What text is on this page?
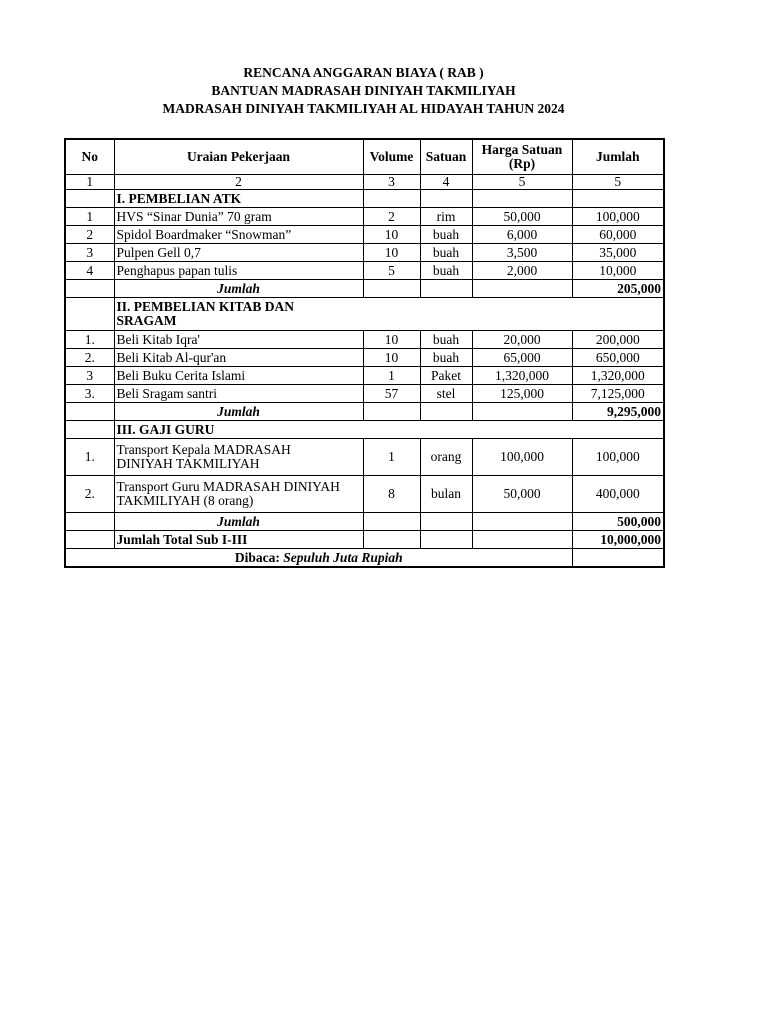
RENCANA ANGGARAN BIAYA ( RAB )
BANTUAN MADRASAH DINIYAH TAKMILIYAH
MADRASAH DINIYAH TAKMILIYAH AL HIDAYAH TAHUN 2024
No	Uraian Pekerjaan	Volume	Satuan	Harga Satuan (Rp)	Jumlah
1	2	3	4	5	5
	I. PEMBELIAN ATK				
1	HVS “Sinar Dunia” 70 gram	2	rim	50,000	100,000
2	Spidol Boardmaker “Snowman”	10	buah	6,000	60,000
3	Pulpen Gell 0,7	10	buah	3,500	35,000
4	Penghapus papan tulis	5	buah	2,000	10,000
	Jumlah				205,000

	II. PEMBELIAN KITAB DAN SRAGAM				

1.	Beli Kitab Iqra'	10	buah	20,000	200,000
2.	Beli Kitab Al-qur'an	10	buah	65,000	650,000
3	Beli Buku Cerita Islami	1	Paket	1,320,000	1,320,000
3.	Beli Sragam santri	57	stel	125,000	7,125,000
	Jumlah				9,295,000
	III. GAJI GURU				
1.	Transport Kepala MADRASAH DINIYAH TAKMILIYAH	1	orang	100,000	100,000
2.	Transport Guru MADRASAH DINIYAH TAKMILIYAH (8 orang)	8	bulan	50,000	400,000
	Jumlah				500,000
	Jumlah Total Sub I-III				10,000,000
Dibaca: Sepuluh Juta Rupiah					
